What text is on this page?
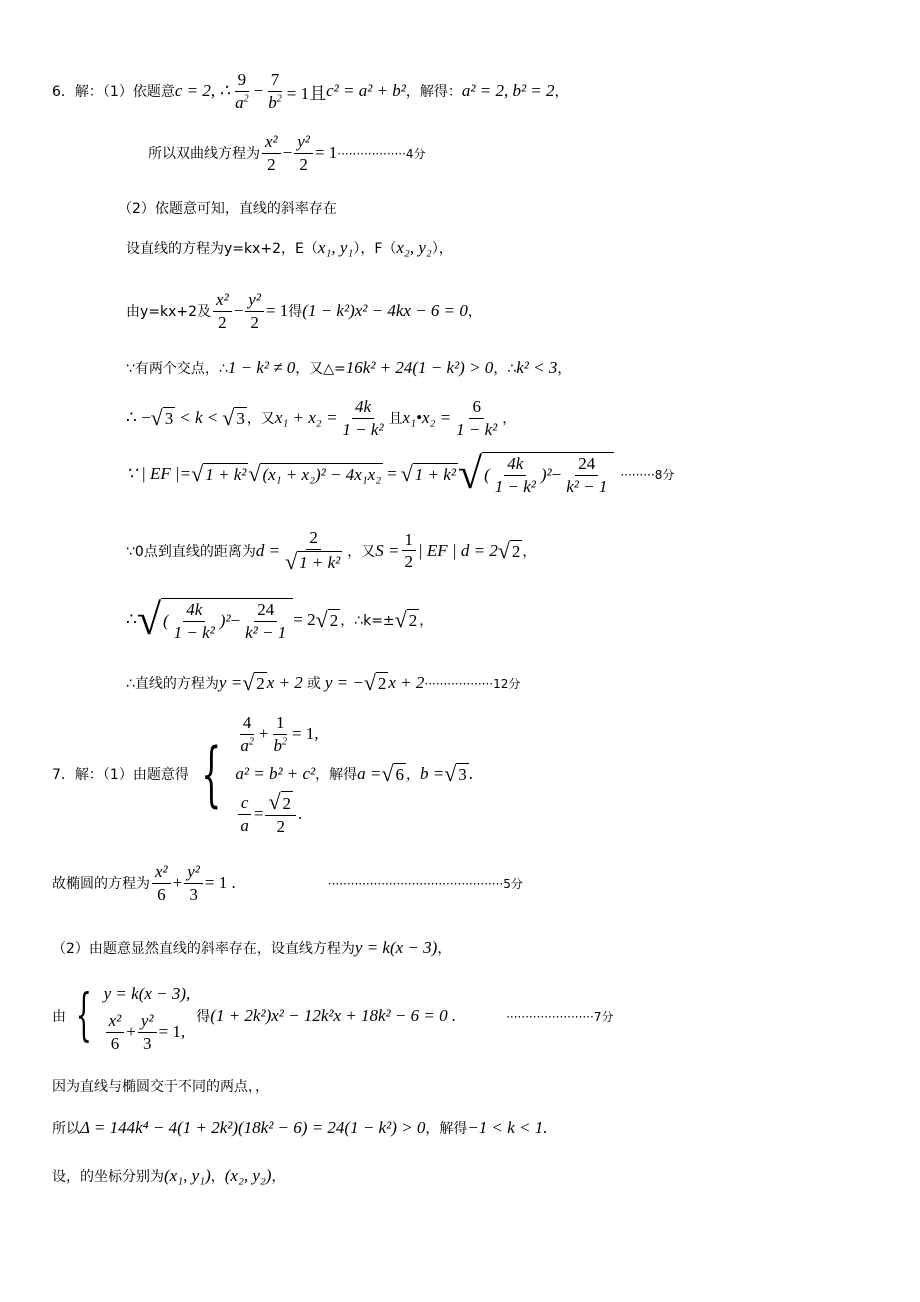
6．解：（1）依题意 c = 2, ∴ $\frac{9}{a^2} - \frac{7}{b^2} = 1$且 c² = a² + b² ，解得： a² = 2, b² = 2 ，
所以双曲线方程为 $\frac{\text{x²}}{2} - \frac{\text{y²}}{2} = 1 \cdot\cdot\cdot\cdot\cdot\cdot\cdot\cdot\cdot\cdot\cdot\cdot\cdot\cdot\cdot\cdot\cdot\cdot 4$分
（2）依题意可知，直线的斜率存在
设直线的方程为y=kx+2，E（ x₁, y₁ ），F（ x₂, y₂ ），
由y=kx+2及 $\frac{\text{x²}}{2} - \frac{\text{y²}}{2} = 1$ 得 (1 − k²)x² − 4kx − 6 = 0 ，
∵有两个交点，∴ 1 − k² ≠ 0 ，又△= 16k² + 24(1 − k²) > 0 ，∴ k² < 3 ，
∴ − √ 3 < k < √ 3 ，又 $x_1 + x_2 = \frac{4k}{\text{1 − k²}}$ 且 x₁•x₂ = $\frac{6}{\text{1 − k²}}$ ，
∵ | EF |= √ 1 + k² √ (x₁ + x₂)² − 4x₁x₂ = √ 1 + k² √ ( $\frac{4k}{\text{1 − k²}} )^2 - \frac{24}{\text{k² − 1}} \cdot\cdot\cdot\cdot\cdot\cdot\cdot\cdot\cdot 8$分
∵0点到直线的距离为 $d = \frac{2}{\text{√ 1 + k²}}$ ，又 $S = \frac{1}{2}$ | EF | d = 2 √ 2 ，
∴ √ ( $\frac{4k}{\text{1 − k²}} )^2 - \frac{24}{\text{k² − 1}} = 2$ √ 2 ，∴k=± √ 2 ，
∴直线的方程为 y = √ 2 x + 2 或 y = − √ 2 x + 2 ··················12分
7．解：（1）由题意得 { $\frac{4}{a^2} + \frac{1}{b^2} = 1$,
a² = b² + c² ，解得 a = √ 6 ， b = √ 3 .
$\frac{c}{a} = \frac{√ 2}{2}$ .
故椭圆的方程为 $\frac{\text{x²}}{6} + \frac{\text{y²}}{3} = 1$ .	··············································5分
（2）由题意显然直线的斜率存在，设直线方程为 y = k(x − 3) ，
由 { y = k(x − 3),
$\frac{\text{x²}}{6} + \frac{\text{y²}}{3} = 1$,
得 (1 + 2k²)x² − 12k²x + 18k² − 6 = 0 .	·······················7分
因为直线与椭圆交于不同的两点，，
所以 Δ = 144k⁴ − 4(1 + 2k²)(18k² − 6) = 24(1 − k²) > 0 ，解得 −1 < k < 1.
设，的坐标分别为 (x₁, y₁) ， (x₂, y₂) ，
